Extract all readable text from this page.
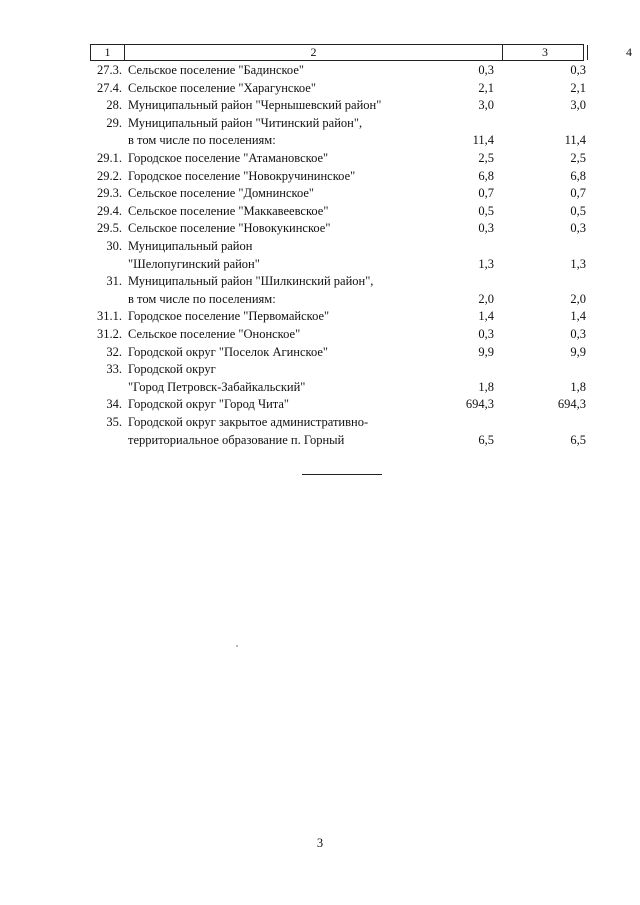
1	2	3	4
27.3. Сельское поселение "Бадинское"	0,3	0,3
27.4. Сельское поселение "Харагунское"	2,1	2,1
28. Муниципальный район "Чернышевский район"	3,0	3,0
29. Муниципальный район "Читинский район",
в том числе по поселениям:	11,4	11,4
29.1. Городское поселение "Атамановское"	2,5	2,5
29.2. Городское поселение "Новокручининское"	6,8	6,8
29.3. Сельское поселение "Домнинское"	0,7	0,7
29.4. Сельское поселение "Маккавеевское"	0,5	0,5
29.5. Сельское поселение "Новокукинское"	0,3	0,3
30. Муниципальный район
"Шелопугинский район"	1,3	1,3
31. Муниципальный район "Шилкинский район",
в том числе по поселениям:	2,0	2,0
31.1. Городское поселение "Первомайское"	1,4	1,4
31.2. Сельское поселение "Ононское"	0,3	0,3
32. Городской округ "Поселок Агинское"	9,9	9,9
33. Городской округ
"Город Петровск-Забайкальский"	1,8	1,8
34. Городской округ "Город Чита"	694,3	694,3
35. Городской округ закрытое административно-
территориальное образование п. Горный	6,5	6,5
3
